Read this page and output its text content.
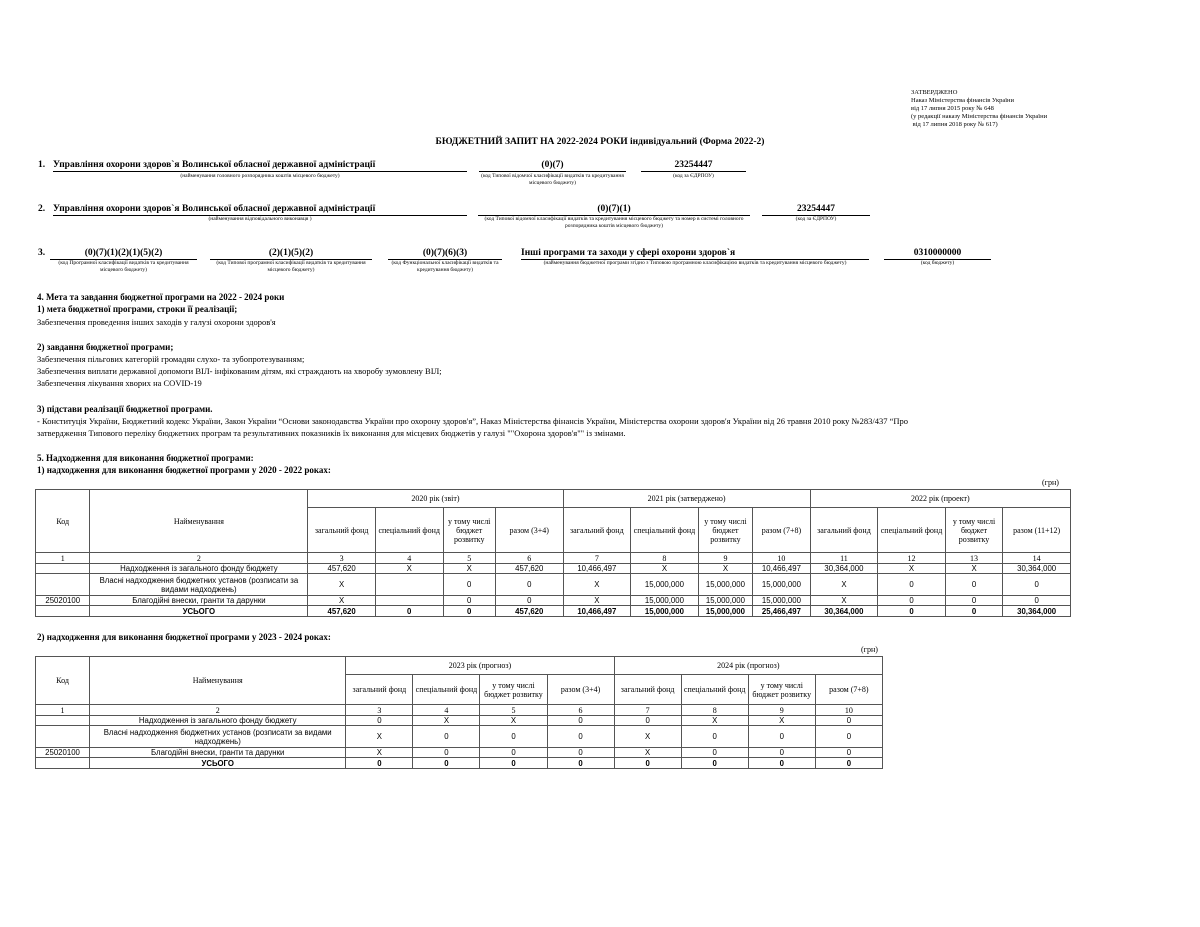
ЗАТВЕРДЖЕНО
Наказ Міністерства фінансів України
від 17 липня 2015 року № 648
(у редакції наказу Міністерства фінансів України
від 17 липня 2018 року № 617)
БЮДЖЕТНИЙ ЗАПИТ НА 2022-2024 РОКИ індивідуальний (Форма 2022-2)
1. Управління охорони здоров`я Волинської обласної державної адміністрації
(найменування головного розпорядника коштів місцевого бюджету)
(0)(7)
(код Типової відомчої класифікації видатків та кредитування місцевого бюджету)
23254447
(код за ЄДРПОУ)
2. Управління охорони здоров`я Волинської обласної державної адміністрації
(найменування відповідального виконавця )
(0)(7)(1)
(код Типової відомчої класифікації видатків та кредитування місцевого бюджету та номер в системі головного розпорядника коштів місцевого бюджету)
23254447
(код за ЄДРПОУ)
3.	(0)(7)(1)(2)(1)(5)(2)
(код Програмної класифікації видатків та кредитування місцевого бюджету)
(2)(1)(5)(2)
(код Типової програмної класифікації видатків та кредитування місцевого бюджету)
(0)(7)(6)(3)
(код Функціональної класифікації видатків та кредитування бюджету)
Інші програми та заходи у сфері охорони здоров`я
(найменування бюджетної програми згідно з Типовою програмною класифікацією видатків та кредитування місцевого бюджету)
0310000000
(код бюджету)
4. Мета та завдання бюджетної програми на 2022 - 2024 роки
1) мета бюджетної програми, строки її реалізації;
Забезпечення проведення інших заходів у галузі охорони здоров'я
2) завдання бюджетної програми;
Забезпечення пільгових категорій громадян слухо- та зубопротезуванням;
Забезпечення виплати державної допомоги ВІЛ- інфікованим дітям, які страждають на хворобу зумовлену ВІЛ;
Забезпечення лікування хворих на COVID-19
3) підстави реалізації бюджетної програми.
- Конституція України, Бюджетний кодекс України, Закон України “Основи законодавства України про охорону здоров'я”, Наказ Міністерства фінансів України, Міністерства охорони здоров'я України від 26 травня 2010 року №283/437 “Про
затвердження Типового переліку бюджетних програм та результативних показників їх виконання для місцевих бюджетів у галузі ""Охорона здоров'я"" із змінами.
5. Надходження для виконання бюджетної програми:
1) надходження для виконання бюджетної програми у 2020 - 2022 роках:
(грн)
Код	Найменування	2020 рік (звіт)				2021 рік (затверджено)				2022 рік (проект)			
		загальний фонд	спеціальний фонд	у тому числі бюджет розвитку	разом (3+4)	загальний фонд	спеціальний фонд	у тому числі бюджет розвитку	разом (7+8)	загальний фонд	спеціальний фонд	у тому числі бюджет розвитку	разом (11+12)
1	2	3	4	5	6	7	8	9	10	11	12	13	14
	Надходження із загального фонду бюджету	457,620	X	X	457,620	10,466,497	X	X	10,466,497	30,364,000	X	X	30,364,000
	Власні надходження бюджетних установ (розписати за видами надходжень)	X		0	0	X	15,000,000	15,000,000	15,000,000	X	0	0	0
25020100	Благодійні внески, гранти та дарунки	X		0	0	X	15,000,000	15,000,000	15,000,000	X	0	0	0
	УСЬОГО	457,620	0	0	457,620	10,466,497	15,000,000	15,000,000	25,466,497	30,364,000	0	0	30,364,000
2) надходження для виконання бюджетної програми у 2023 - 2024 роках:
(грн)
Код	Найменування	2023 рік (прогноз)				2024 рік (прогноз)			
		загальний фонд	спеціальний фонд	у тому числі бюджет розвитку	разом (3+4)	загальний фонд	спеціальний фонд	у тому числі бюджет розвитку	разом (7+8)
1	2	3	4	5	6	7	8	9	10
	Надходження із загального фонду бюджету	0	X	X	0	0	X	X	0
	Власні надходження бюджетних установ (розписати за видами надходжень)	X	0	0	0	X	0	0	0
25020100	Благодійні внески, гранти та дарунки	X	0	0	0	X	0	0	0
	УСЬОГО	0	0	0	0	0	0	0	0
